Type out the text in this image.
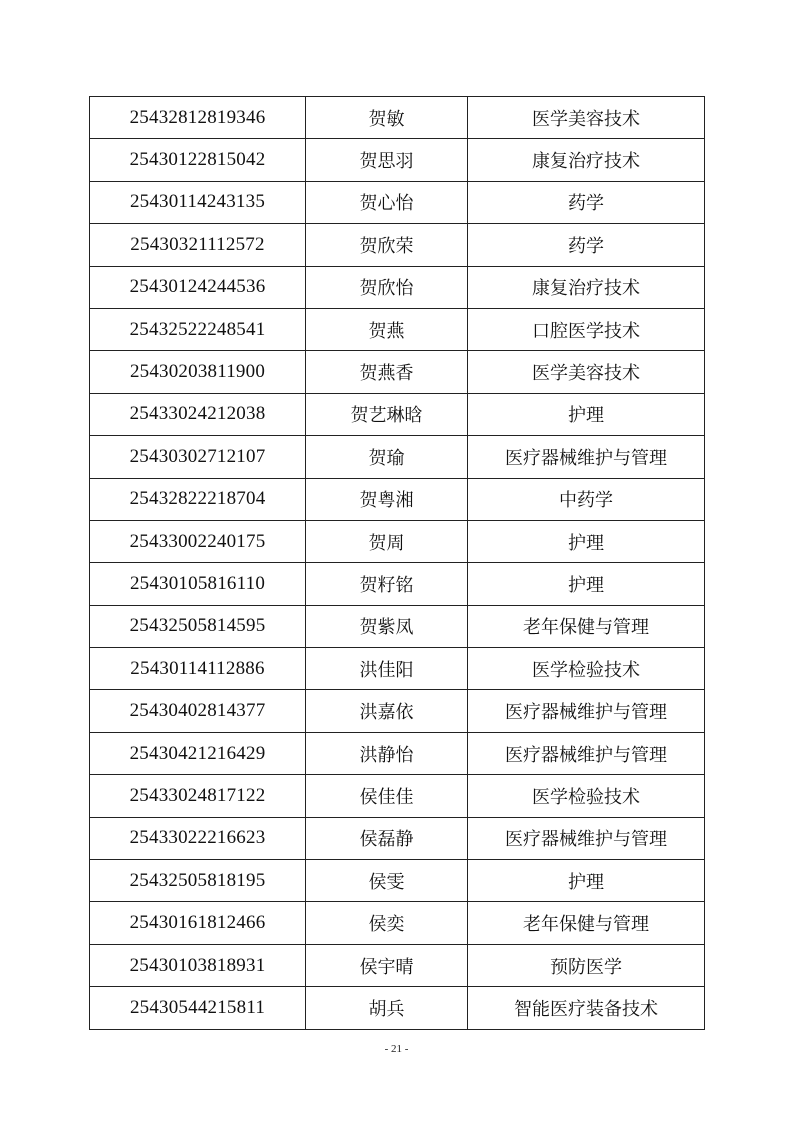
25432812819346	贺敏	医学美容技术
25430122815042	贺思羽	康复治疗技术
25430114243135	贺心怡	药学
25430321112572	贺欣荣	药学
25430124244536	贺欣怡	康复治疗技术
25432522248541	贺燕	口腔医学技术
25430203811900	贺燕香	医学美容技术
25433024212038	贺艺琳晗	护理
25430302712107	贺瑜	医疗器械维护与管理
25432822218704	贺粤湘	中药学
25433002240175	贺周	护理
25430105816110	贺籽铭	护理
25432505814595	贺紫凤	老年保健与管理
25430114112886	洪佳阳	医学检验技术
25430402814377	洪嘉依	医疗器械维护与管理
25430421216429	洪静怡	医疗器械维护与管理
25433024817122	侯佳佳	医学检验技术
25433022216623	侯磊静	医疗器械维护与管理
25432505818195	侯雯	护理
25430161812466	侯奕	老年保健与管理
25430103818931	侯宇晴	预防医学
25430544215811	胡兵	智能医疗装备技术
- 21 -
